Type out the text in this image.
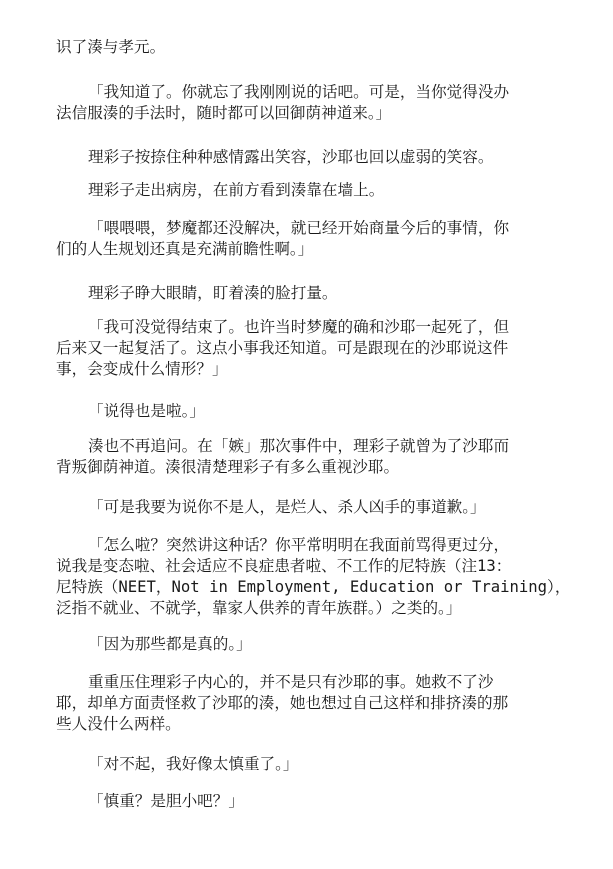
识了湊与孝元。
「我知道了。你就忘了我刚刚说的话吧。可是，当你觉得没办
法信服湊的手法时，随时都可以回御荫神道来。」
理彩子按捺住种种感情露出笑容，沙耶也回以虚弱的笑容。
理彩子走出病房，在前方看到湊靠在墙上。
「喂喂喂，梦魔都还没解决，就已经开始商量今后的事情，你
们的人生规划还真是充满前瞻性啊。」
理彩子睁大眼睛，盯着湊的脸打量。
「我可没觉得结束了。也许当时梦魔的确和沙耶一起死了，但
后来又一起复活了。这点小事我还知道。可是跟现在的沙耶说这件
事，会变成什么情形？」
「说得也是啦。」
湊也不再追问。在「嫉」那次事件中，理彩子就曾为了沙耶而
背叛御荫神道。湊很清楚理彩子有多么重视沙耶。
「可是我要为说你不是人，是烂人、杀人凶手的事道歉。」
「怎么啦？突然讲这种话？你平常明明在我面前骂得更过分，
说我是变态啦、社会适应不良症患者啦、不工作的尼特族（注13：
尼特族（NEET，Not in Employment, Education or Training），
泛指不就业、不就学，靠家人供养的青年族群。）之类的。」
「因为那些都是真的。」
重重压住理彩子内心的，并不是只有沙耶的事。她救不了沙
耶，却单方面责怪救了沙耶的湊，她也想过自己这样和排挤湊的那
些人没什么两样。
「对不起，我好像太慎重了。」
「慎重？是胆小吧？」
